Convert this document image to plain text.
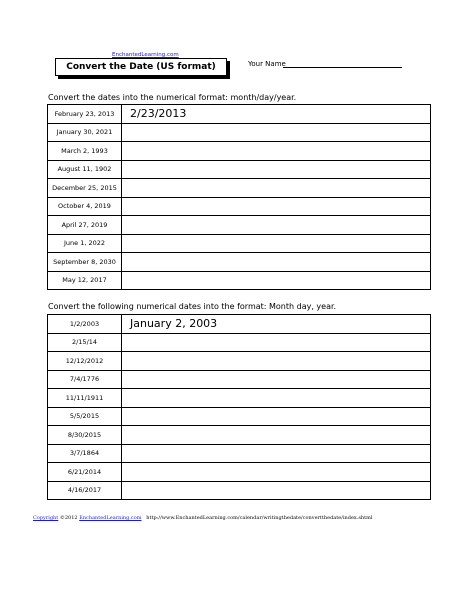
EnchantedLearning.com
Convert the Date (US format)	Your Name
Convert the dates into the numerical format: month/day/year.
February 23, 2013	2/23/2013
January 30, 2021	
March 2, 1993	
August 11, 1902	
December 25, 2015	
October 4, 2019	
April 27, 2019	
June 1, 2022	
September 8, 2030	
May 12, 2017	
Convert the following numerical dates into the format: Month day, year.
1/2/2003	January 2, 2003
2/15/14	
12/12/2012	
7/4/1776	
11/11/1911	
5/5/2015	
8/30/2015	
3/7/1864	
6/21/2014	
4/16/2017	
Copyright ©2012 EnchantedLearning.com http://www.EnchantedLearning.com/calendar/writingthedate/convertthedate/index.shtml
